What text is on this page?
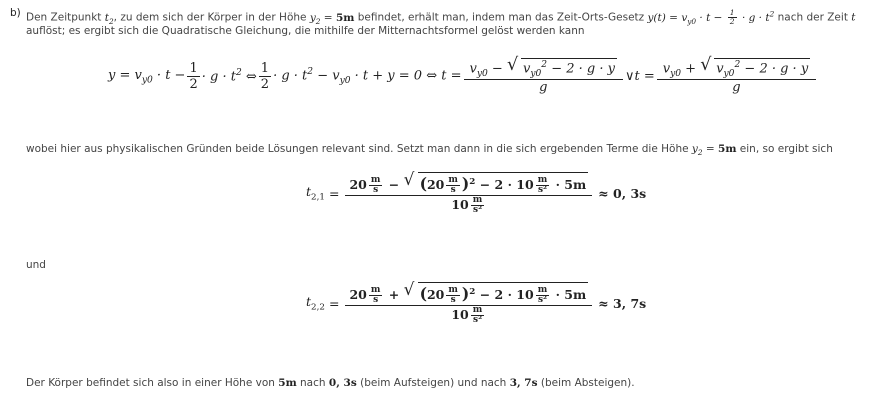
b) Den Zeitpunkt $t_2$, zu dem sich der Körper in der Höhe $y_2 = 5m$ befindet, erhält man, indem man das Zeit-Orts-Gesetz $y(t) = v_{y0} \cdot t - \frac{1}{2} \cdot g \cdot t^2$ nach der Zeit t
auflöst; es ergibt sich die Quadratische Gleichung, die mithilfe der Mitternachtsformel gelöst werden kann
$y = v_{y0} \cdot t - \frac{1}{2} \cdot g \cdot t^2$ ⇔ $\frac{1}{2} \cdot g \cdot t^2 - v_{y0} \cdot t + y = 0$ ⇔ $t = \frac{v_{y0} - √ v_{y0}^2 - 2 \cdot g \cdot y}{g}$ ∨ $t = \frac{v_{y0} + √ v_{y0}^2 - 2 \cdot g \cdot y}{g}$
wobei hier aus physikalischen Gründen beide Lösungen relevant sind. Setzt man dann in die sich ergebenden Terme die Höhe $y_2 = 5m$ ein, so ergibt sich
$t_{2,1} = \frac{20 \frac{m}{s} - √ (20 \frac{m}{s} )^2 - 2 \cdot 10 \frac{m}{\text{s²}} \cdot 5m}{10 \frac{m}{\text{s²}}} \approx 0$, 3s
und
$t_{2,2} = \frac{20 \frac{m}{s} + √ (20 \frac{m}{s} )^2 - 2 \cdot 10 \frac{m}{\text{s²}} \cdot 5m}{10 \frac{m}{\text{s²}}} \approx 3$, 7s
Der Körper befindet sich also in einer Höhe von 5m nach 0, 3s (beim Aufsteigen) und nach 3, 7s (beim Absteigen).
